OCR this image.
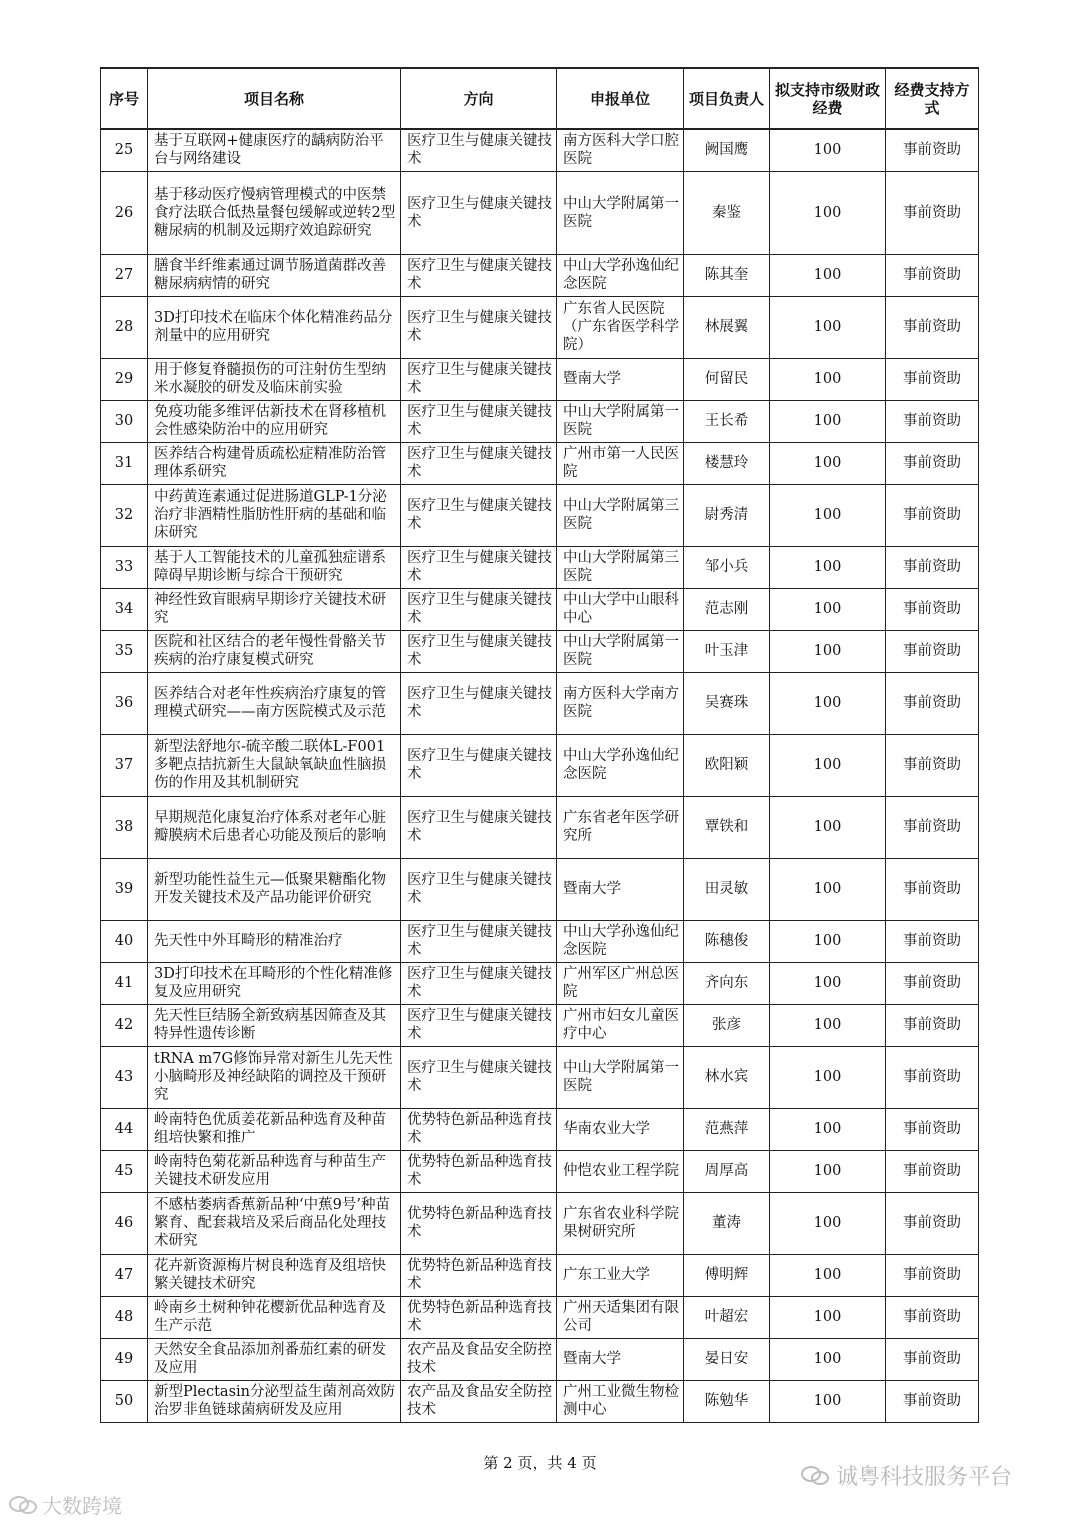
序号	项目名称	方向	申报单位	项目负责人	拟支持市级财政经费	经费支持方式
25	基于互联网+健康医疗的龋病防治平台与网络建设	医疗卫生与健康关键技术	南方医科大学口腔医院	阙国鹰	100	事前资助
26	基于移动医疗慢病管理模式的中医禁食疗法联合低热量餐包缓解或逆转2型糖尿病的机制及远期疗效追踪研究	医疗卫生与健康关键技术	中山大学附属第一医院	秦鉴	100	事前资助
27	膳食半纤维素通过调节肠道菌群改善糖尿病病情的研究	医疗卫生与健康关键技术	中山大学孙逸仙纪念医院	陈其奎	100	事前资助
28	3D打印技术在临床个体化精准药品分剂量中的应用研究	医疗卫生与健康关键技术	广东省人民医院（广东省医学科学院）	林展翼	100	事前资助
29	用于修复脊髓损伤的可注射仿生型纳米水凝胶的研发及临床前实验	医疗卫生与健康关键技术	暨南大学	何留民	100	事前资助
30	免疫功能多维评估新技术在肾移植机会性感染防治中的应用研究	医疗卫生与健康关键技术	中山大学附属第一医院	王长希	100	事前资助
31	医养结合构建骨质疏松症精准防治管理体系研究	医疗卫生与健康关键技术	广州市第一人民医院	楼慧玲	100	事前资助
32	中药黄连素通过促进肠道GLP-1分泌治疗非酒精性脂肪性肝病的基础和临床研究	医疗卫生与健康关键技术	中山大学附属第三医院	尉秀清	100	事前资助
33	基于人工智能技术的儿童孤独症谱系障碍早期诊断与综合干预研究	医疗卫生与健康关键技术	中山大学附属第三医院	邹小兵	100	事前资助
34	神经性致盲眼病早期诊疗关键技术研究	医疗卫生与健康关键技术	中山大学中山眼科中心	范志刚	100	事前资助
35	医院和社区结合的老年慢性骨骼关节疾病的治疗康复模式研究	医疗卫生与健康关键技术	中山大学附属第一医院	叶玉津	100	事前资助
36	医养结合对老年性疾病治疗康复的管理模式研究——南方医院模式及示范	医疗卫生与健康关键技术	南方医科大学南方医院	吴赛珠	100	事前资助
37	新型法舒地尔-硫辛酸二联体L-F001多靶点拮抗新生大鼠缺氧缺血性脑损伤的作用及其机制研究	医疗卫生与健康关键技术	中山大学孙逸仙纪念医院	欧阳颖	100	事前资助
38	早期规范化康复治疗体系对老年心脏瓣膜病术后患者心功能及预后的影响	医疗卫生与健康关键技术	广东省老年医学研究所	覃铁和	100	事前资助
39	新型功能性益生元—低聚果糖酯化物开发关键技术及产品功能评价研究	医疗卫生与健康关键技术	暨南大学	田灵敏	100	事前资助
40	先天性中外耳畸形的精准治疗	医疗卫生与健康关键技术	中山大学孙逸仙纪念医院	陈穗俊	100	事前资助
41	3D打印技术在耳畸形的个性化精准修复及应用研究	医疗卫生与健康关键技术	广州军区广州总医院	齐向东	100	事前资助
42	先天性巨结肠全新致病基因筛查及其特异性遗传诊断	医疗卫生与健康关键技术	广州市妇女儿童医疗中心	张彦	100	事前资助
43	tRNA m7G修饰异常对新生儿先天性小脑畸形及神经缺陷的调控及干预研究	医疗卫生与健康关键技术	中山大学附属第一医院	林水宾	100	事前资助
44	岭南特色优质姜花新品种选育及种苗组培快繁和推广	优势特色新品种选育技术	华南农业大学	范燕萍	100	事前资助
45	岭南特色菊花新品种选育与种苗生产关键技术研发应用	优势特色新品种选育技术	仲恺农业工程学院	周厚高	100	事前资助
46	不感枯萎病香蕉新品种‘中蕉9号’种苗繁育、配套栽培及采后商品化处理技术研究	优势特色新品种选育技术	广东省农业科学院果树研究所	董涛	100	事前资助
47	花卉新资源梅片树良种选育及组培快繁关键技术研究	优势特色新品种选育技术	广东工业大学	傅明辉	100	事前资助
48	岭南乡土树种钟花樱新优品种选育及生产示范	优势特色新品种选育技术	广州天适集团有限公司	叶超宏	100	事前资助
49	天然安全食品添加剂番茄红素的研发及应用	农产品及食品安全防控技术	暨南大学	晏日安	100	事前资助
50	新型Plectasin分泌型益生菌剂高效防治罗非鱼链球菌病研发及应用	农产品及食品安全防控技术	广州工业微生物检测中心	陈勉华	100	事前资助
第 2 页，共 4 页
大数跨境
诚粤科技服务平台
